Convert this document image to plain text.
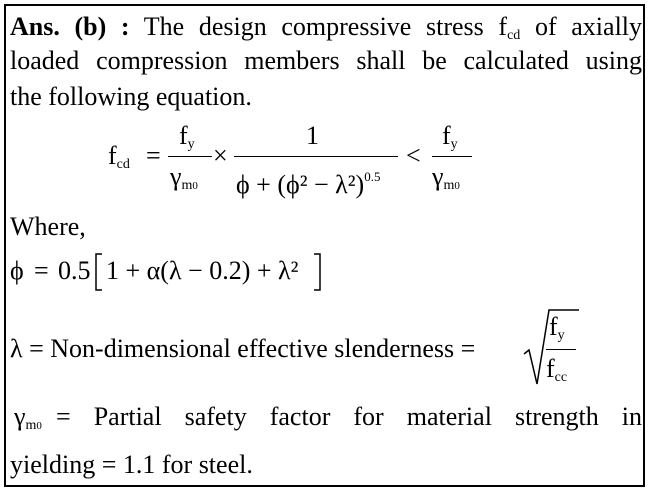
Ans. (b) : The design compressive stress $f_{cd}$ of axially
loaded compression members shall be calculated using
the following equation.
$f_{cd}$ =
$f_y$
$\gamma_m0$
×
1
$\phi + (\phi^2 - \lambda^2)^{0.5}$
<
$f_y$
$\gamma_m0$
Where,
ϕ = 0.5 1 + α(λ − 0.2) + λ²
λ = Non-dimensional effective slenderness =
$f_y$
$f_{cc}$
$\gamma_m0$ = Partial safety factor for material strength in
yielding = 1.1 for steel.
